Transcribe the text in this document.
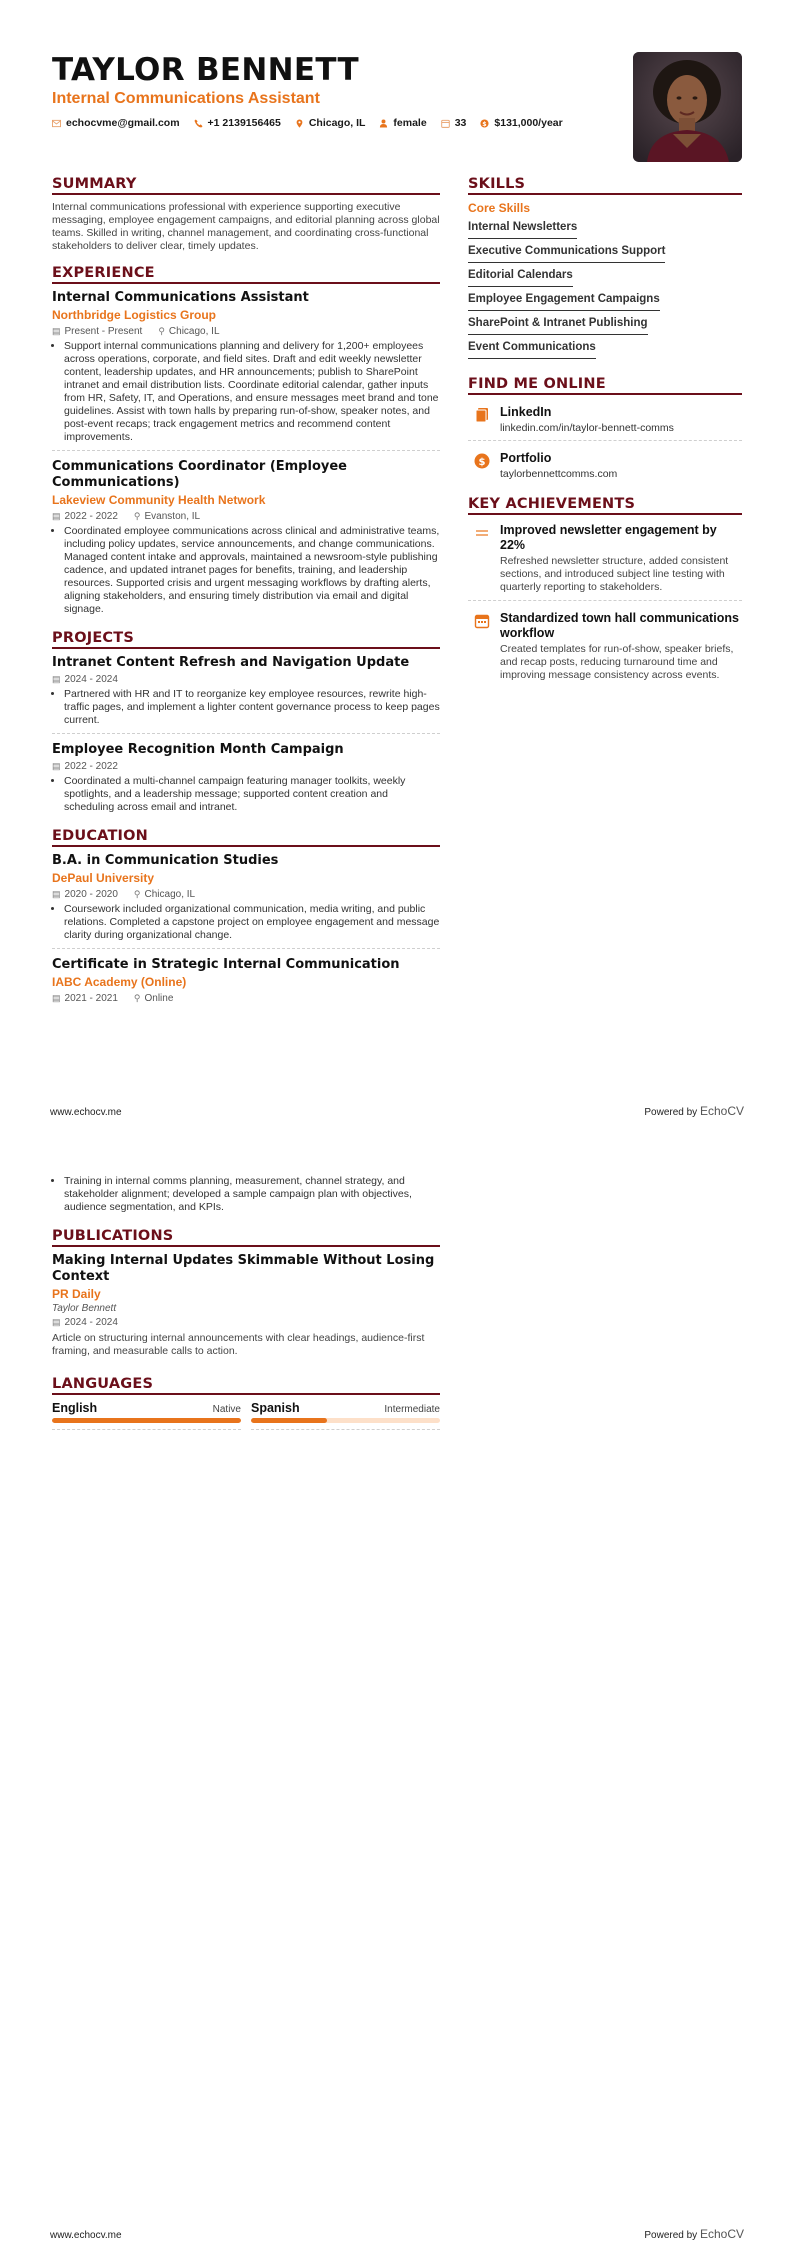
TAYLOR BENNETT
Internal Communications Assistant
echocvme@gmail.com	+1 2139156465	Chicago, IL	female	33 $ $131,000/year
SUMMARY
Internal communications professional with experience supporting executive messaging, employee engagement campaigns, and editorial planning across global teams. Skilled in writing, channel management, and coordinating cross-functional stakeholders to deliver clear, timely updates.
EXPERIENCE
Internal Communications Assistant
Northbridge Logistics Group
▤ Present - Present ⚲ Chicago, IL
• Support internal communications planning and delivery for 1,200+ employees across operations, corporate, and field sites. Draft and edit weekly newsletter content, leadership updates, and HR announcements; publish to SharePoint intranet and email distribution lists. Coordinate editorial calendar, gather inputs from HR, Safety, IT, and Operations, and ensure messages meet brand and tone guidelines. Assist with town halls by preparing run-of-show, speaker notes, and post-event recaps; track engagement metrics and recommend content improvements.
Communications Coordinator (Employee Communications)
Lakeview Community Health Network
▤ 2022 - 2022 ⚲ Evanston, IL
• Coordinated employee communications across clinical and administrative teams, including policy updates, service announcements, and change communications. Managed content intake and approvals, maintained a newsroom-style publishing cadence, and updated intranet pages for benefits, training, and leadership resources. Supported crisis and urgent messaging workflows by drafting alerts, aligning stakeholders, and ensuring timely distribution via email and digital signage.
PROJECTS
Intranet Content Refresh and Navigation Update
▤ 2024 - 2024
• Partnered with HR and IT to reorganize key employee resources, rewrite high-traffic pages, and implement a lighter content governance process to keep pages current.
Employee Recognition Month Campaign
▤ 2022 - 2022
• Coordinated a multi-channel campaign featuring manager toolkits, weekly spotlights, and a leadership message; supported content creation and scheduling across email and intranet.
EDUCATION
B.A. in Communication Studies
DePaul University
▤ 2020 - 2020 ⚲ Chicago, IL
• Coursework included organizational communication, media writing, and public relations. Completed a capstone project on employee engagement and message clarity during organizational change.
Certificate in Strategic Internal Communication
IABC Academy (Online)
▤ 2021 - 2021 ⚲ Online
SKILLS
Core Skills
Internal Newsletters
Executive Communications Support
Editorial Calendars
Employee Engagement Campaigns
SharePoint & Intranet Publishing
Event Communications
FIND ME ONLINE
LinkedIn
linkedin.com/in/taylor-bennett-comms
$ Portfolio
taylorbennettcomms.com
KEY ACHIEVEMENTS
Improved newsletter engagement by 22%
Refreshed newsletter structure, added consistent sections, and introduced subject line testing with quarterly reporting to stakeholders.
Standardized town hall communications workflow
Created templates for run-of-show, speaker briefs, and recap posts, reducing turnaround time and improving message consistency across events.
www.echocv.me	Powered by EchoCV
• Training in internal comms planning, measurement, channel strategy, and stakeholder alignment; developed a sample campaign plan with objectives, audience segmentation, and KPIs.
PUBLICATIONS
Making Internal Updates Skimmable Without Losing Context
PR Daily
Taylor Bennett
▤ 2024 - 2024
Article on structuring internal announcements with clear headings, audience-first framing, and measurable calls to action.
LANGUAGES
English	Native Spanish	Intermediate
www.echocv.me	Powered by EchoCV
